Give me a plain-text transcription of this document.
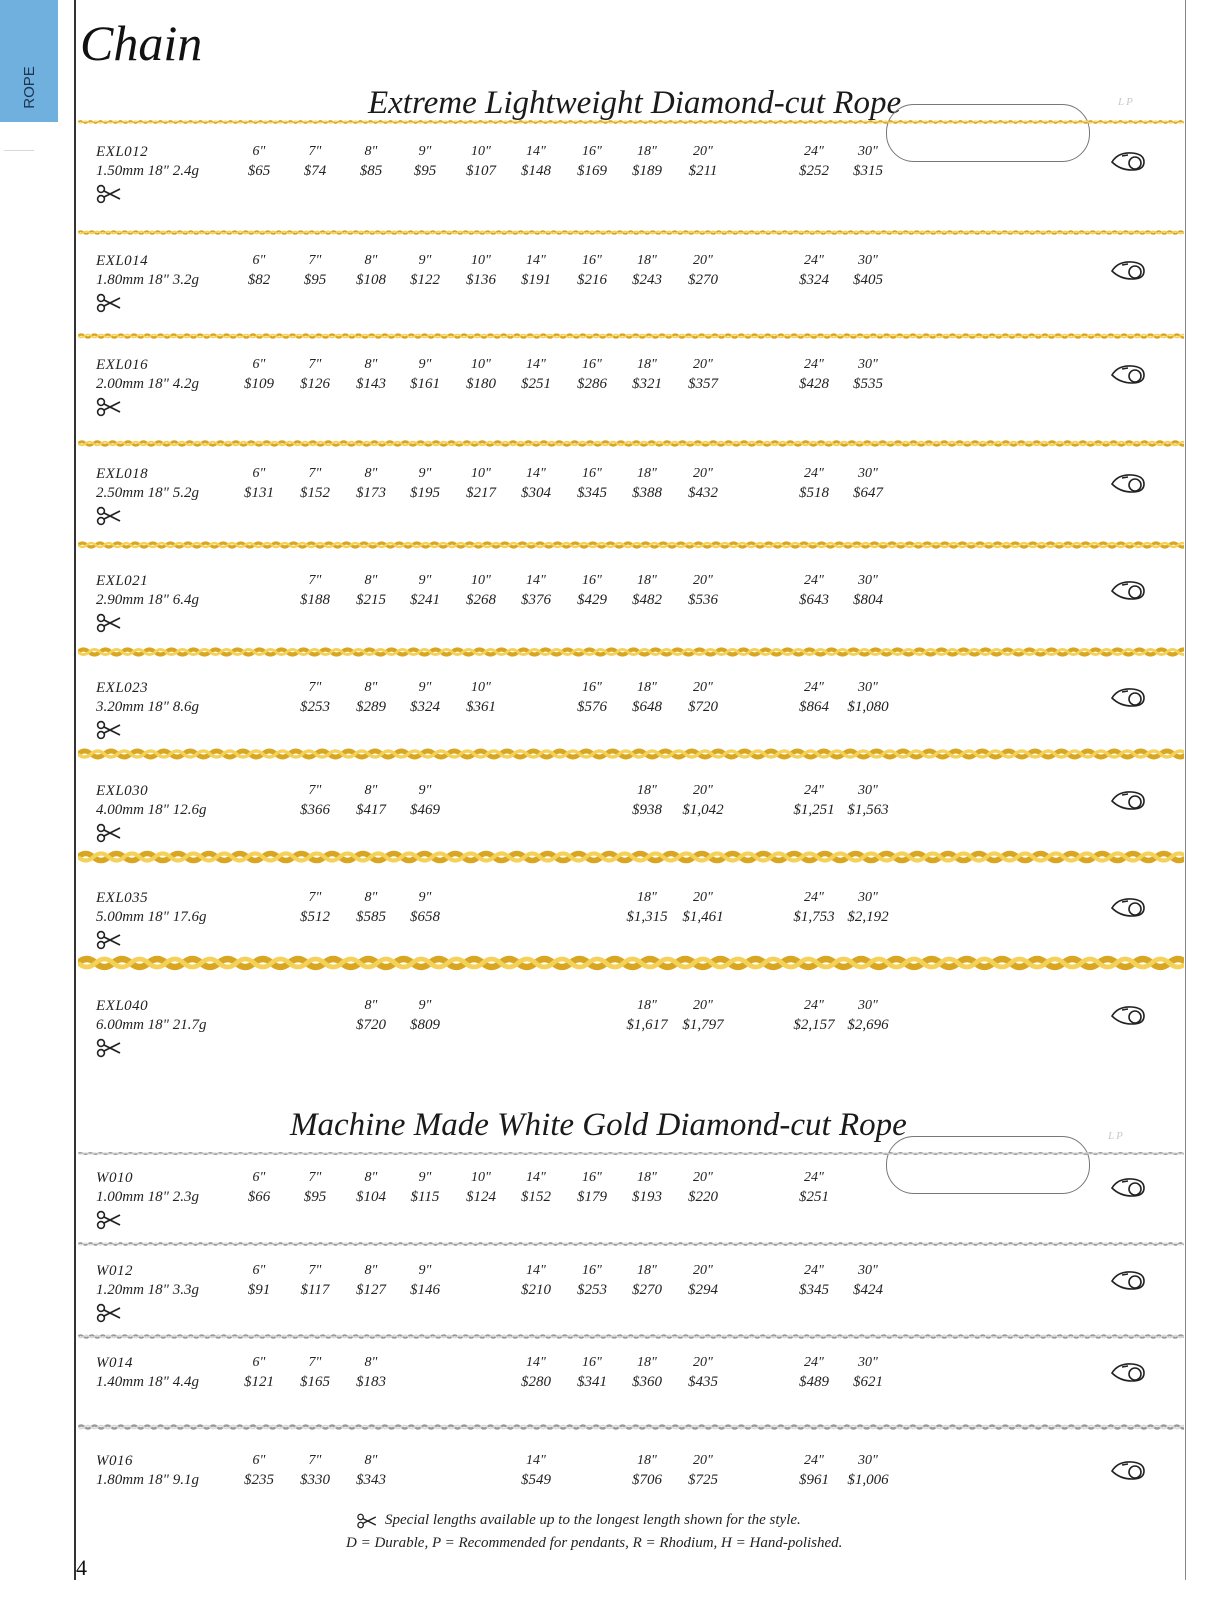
ROPE
Chain
Extreme Lightweight Diamond-cut Rope	LP
Machine Made White Gold Diamond-cut Rope	LP
EXL012
1.50mm 18" 2.4g
6"
$65
7"
$74
8"
$85
9"
$95
10"
$107
14"
$148
16"
$169
18"
$189
20"
$211
24"
$252
30"
$315
EXL014
1.80mm 18" 3.2g
6"
$82
7"
$95
8"
$108
9"
$122
10"
$136
14"
$191
16"
$216
18"
$243
20"
$270
24"
$324
30"
$405
EXL016
2.00mm 18" 4.2g
6"
$109
7"
$126
8"
$143
9"
$161
10"
$180
14"
$251
16"
$286
18"
$321
20"
$357
24"
$428
30"
$535
EXL018
2.50mm 18" 5.2g
6"
$131
7"
$152
8"
$173
9"
$195
10"
$217
14"
$304
16"
$345
18"
$388
20"
$432
24"
$518
30"
$647
EXL021
2.90mm 18" 6.4g
7"
$188
8"
$215
9"
$241
10"
$268
14"
$376
16"
$429
18"
$482
20"
$536
24"
$643
30"
$804
EXL023
3.20mm 18" 8.6g
7"
$253
8"
$289
9"
$324
10"
$361
16"
$576
18"
$648
20"
$720
24"
$864
30"
$1,080
EXL030
4.00mm 18" 12.6g
7"
$366
8"
$417
9"
$469
18"
$938
20"
$1,042
24"
$1,251
30"
$1,563
EXL035
5.00mm 18" 17.6g
7"
$512
8"
$585
9"
$658
18"
$1,315
20"
$1,461
24"
$1,753
30"
$2,192
EXL040
6.00mm 18" 21.7g
8"
$720
9"
$809
18"
$1,617
20"
$1,797
24"
$2,157
30"
$2,696
W010
1.00mm 18" 2.3g
6"
$66
7"
$95
8"
$104
9"
$115
10"
$124
14"
$152
16"
$179
18"
$193
20"
$220
24"
$251
W012
1.20mm 18" 3.3g
6"
$91
7"
$117
8"
$127
9"
$146
14"
$210
16"
$253
18"
$270
20"
$294
24"
$345
30"
$424
W014
1.40mm 18" 4.4g
6"
$121
7"
$165
8"
$183
14"
$280
16"
$341
18"
$360
20"
$435
24"
$489
30"
$621
W016
1.80mm 18" 9.1g
6"
$235
7"
$330
8"
$343
14"
$549
18"
$706
20"
$725
24"
$961
30"
$1,006
4
Special lengths available up to the longest length shown for the style.
D = Durable, P = Recommended for pendants, R = Rhodium, H = Hand-polished.
